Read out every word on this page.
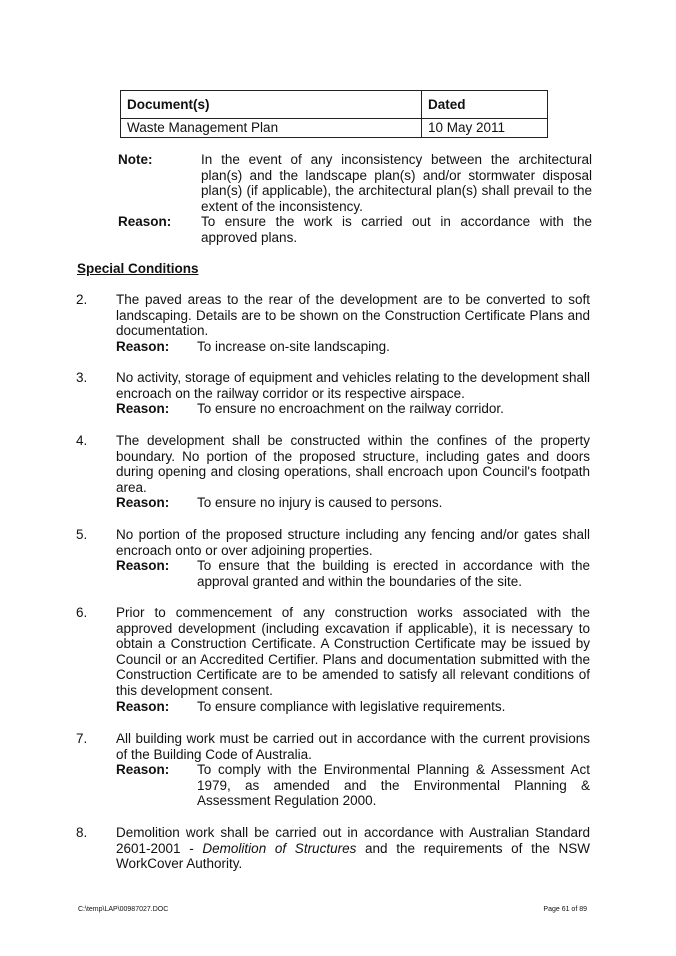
Document(s)	Dated
Waste Management Plan	10 May 2011
Note:	In the event of any inconsistency between the architectural plan(s) and the landscape plan(s) and/or stormwater disposal plan(s) (if applicable), the architectural plan(s) shall prevail to the extent of the inconsistency.
Reason: To ensure the work is carried out in accordance with the approved plans.
Special Conditions
2. The paved areas to the rear of the development are to be converted to soft landscaping. Details are to be shown on the Construction Certificate Plans and documentation.
Reason: To increase on-site landscaping.
3. No activity, storage of equipment and vehicles relating to the development shall encroach on the railway corridor or its respective airspace.
Reason: To ensure no encroachment on the railway corridor.
4. The development shall be constructed within the confines of the property boundary. No portion of the proposed structure, including gates and doors during opening and closing operations, shall encroach upon Council's footpath area.
Reason: To ensure no injury is caused to persons.
5. No portion of the proposed structure including any fencing and/or gates shall encroach onto or over adjoining properties.
Reason: To ensure that the building is erected in accordance with the approval granted and within the boundaries of the site.
6. Prior to commencement of any construction works associated with the approved development (including excavation if applicable), it is necessary to obtain a Construction Certificate. A Construction Certificate may be issued by Council or an Accredited Certifier. Plans and documentation submitted with the Construction Certificate are to be amended to satisfy all relevant conditions of this development consent.
Reason: To ensure compliance with legislative requirements.
7. All building work must be carried out in accordance with the current provisions of the Building Code of Australia.
Reason: To comply with the Environmental Planning & Assessment Act 1979, as amended and the Environmental Planning & Assessment Regulation 2000.
8. Demolition work shall be carried out in accordance with Australian Standard 2601-2001 - Demolition of Structures and the requirements of the NSW WorkCover Authority.
C:\temp\LAP\00987027.DOC	Page 61 of 89
